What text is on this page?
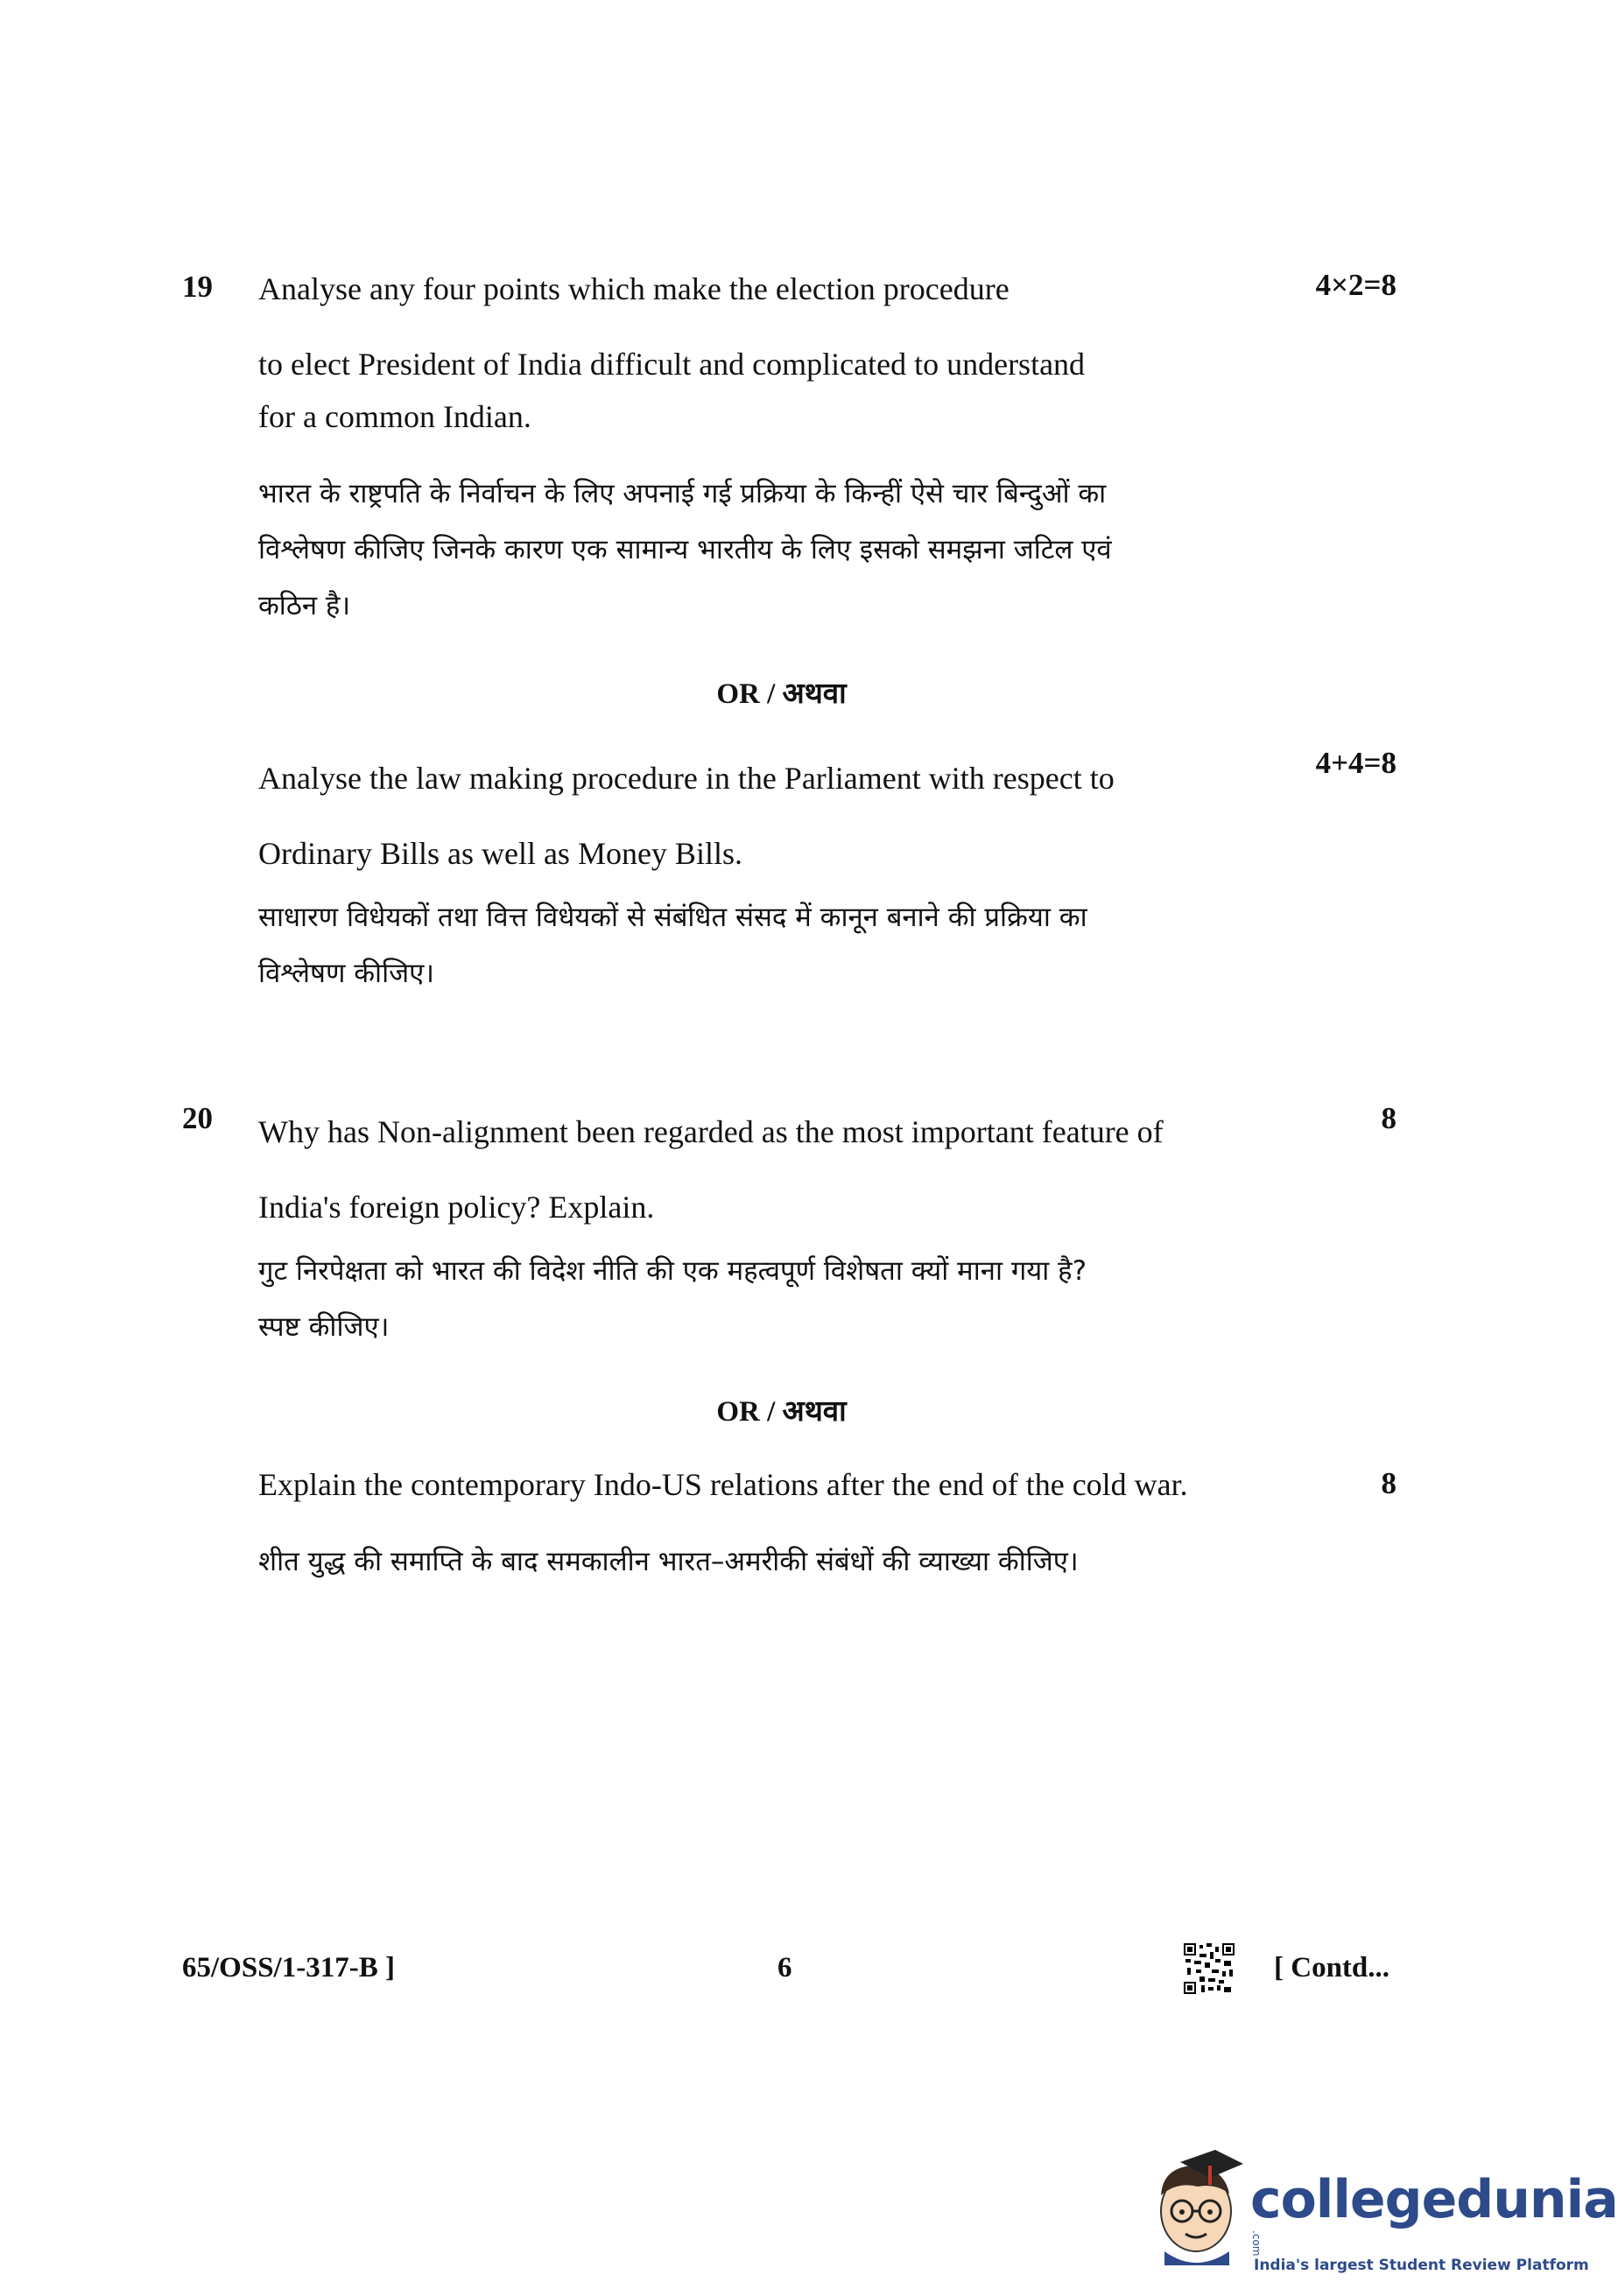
19	4×2=8
Analyse any four points which make the election procedure
to elect President of India difficult and complicated to understand
for a common Indian.
भारत के राष्ट्रपति के निर्वाचन के लिए अपनाई गई प्रक्रिया के किन्हीं ऐसे चार बिन्दुओं का
विश्लेषण कीजिए जिनके कारण एक सामान्य भारतीय के लिए इसको समझना जटिल एवं
कठिन है।
OR / अथवा
4+4=8
Analyse the law making procedure in the Parliament with respect to
Ordinary Bills as well as Money Bills.
साधारण विधेयकों तथा वित्त विधेयकों से संबंधित संसद में कानून बनाने की प्रक्रिया का
विश्लेषण कीजिए।
20	8
Why has Non-alignment been regarded as the most important feature of
India's foreign policy? Explain.
गुट निरपेक्षता को भारत की विदेश नीति की एक महत्वपूर्ण विशेषता क्यों माना गया है?
स्पष्ट कीजिए।
OR / अथवा
8
Explain the contemporary Indo-US relations after the end of the cold war.
शीत युद्ध की समाप्ति के बाद समकालीन भारत–अमरीकी संबंधों की व्याख्या कीजिए।
65/OSS/1-317-B ]	6	[ Contd...
collegedunia.com
India's largest Student Review Platform
